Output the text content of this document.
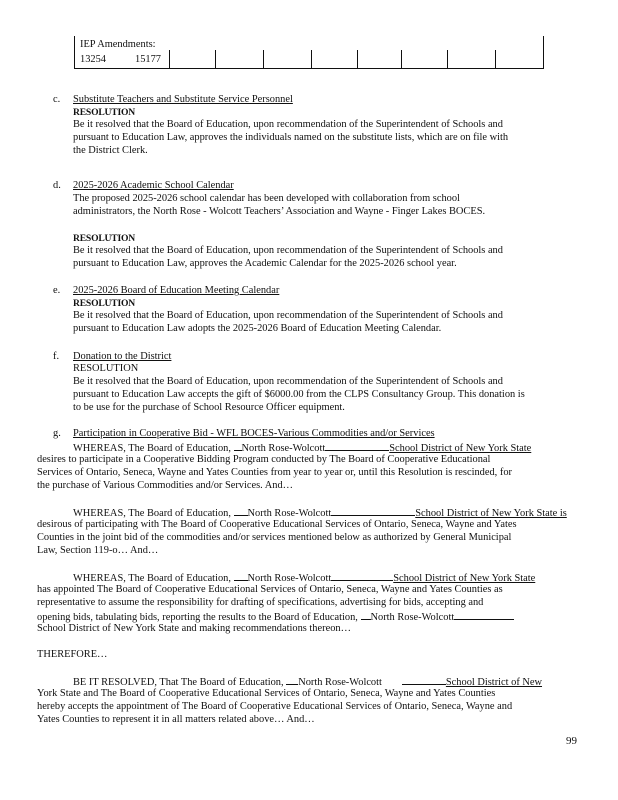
IEP Amendments:
13254	15177
c. Substitute Teachers and Substitute Service Personnel
RESOLUTION
Be it resolved that the Board of Education, upon recommendation of the Superintendent of Schools and
pursuant to Education Law, approves the individuals named on the substitute lists, which are on file with
the District Clerk.
d. 2025-2026 Academic School Calendar
The proposed 2025-2026 school calendar has been developed with collaboration from school
administrators, the North Rose - Wolcott Teachers’ Association and Wayne - Finger Lakes BOCES.
RESOLUTION
Be it resolved that the Board of Education, upon recommendation of the Superintendent of Schools and
pursuant to Education Law, approves the Academic Calendar for the 2025-2026 school year.
e. 2025-2026 Board of Education Meeting Calendar
RESOLUTION
Be it resolved that the Board of Education, upon recommendation of the Superintendent of Schools and
pursuant to Education Law adopts the 2025-2026 Board of Education Meeting Calendar.
f. Donation to the District
RESOLUTION
Be it resolved that the Board of Education, upon recommendation of the Superintendent of Schools and
pursuant to Education Law accepts the gift of $6000.00 from the CLPS Consultancy Group. This donation is
to be use for the purchase of School Resource Officer equipment.
g. Participation in Cooperative Bid - WFL BOCES-Various Commodities and/or Services
WHEREAS, The Board of Education, North Rose-Wolcott	School District of New York State
desires to participate in a Cooperative Bidding Program conducted by The Board of Cooperative Educational
Services of Ontario, Seneca, Wayne and Yates Counties from year to year or, until this Resolution is rescinded, for
the purchase of Various Commodities and/or Services. And…
WHEREAS, The Board of Education, North Rose-Wolcott	School District of New York State is
desirous of participating with The Board of Cooperative Educational Services of Ontario, Seneca, Wayne and Yates
Counties in the joint bid of the commodities and/or services mentioned below as authorized by General Municipal
Law, Section 119-o… And…
WHEREAS, The Board of Education, North Rose-Wolcott	School District of New York State
has appointed The Board of Cooperative Educational Services of Ontario, Seneca, Wayne and Yates Counties as
representative to assume the responsibility for drafting of specifications, advertising for bids, accepting and
opening bids, tabulating bids, reporting the results to the Board of Education, North Rose-Wolcott
School District of New York State and making recommendations thereon…
THEREFORE…
BE IT RESOLVED, That The Board of Education, North Rose-Wolcott	School District of New
York State and The Board of Cooperative Educational Services of Ontario, Seneca, Wayne and Yates Counties
hereby accepts the appointment of The Board of Cooperative Educational Services of Ontario, Seneca, Wayne and
Yates Counties to represent it in all matters related above… And…
99
